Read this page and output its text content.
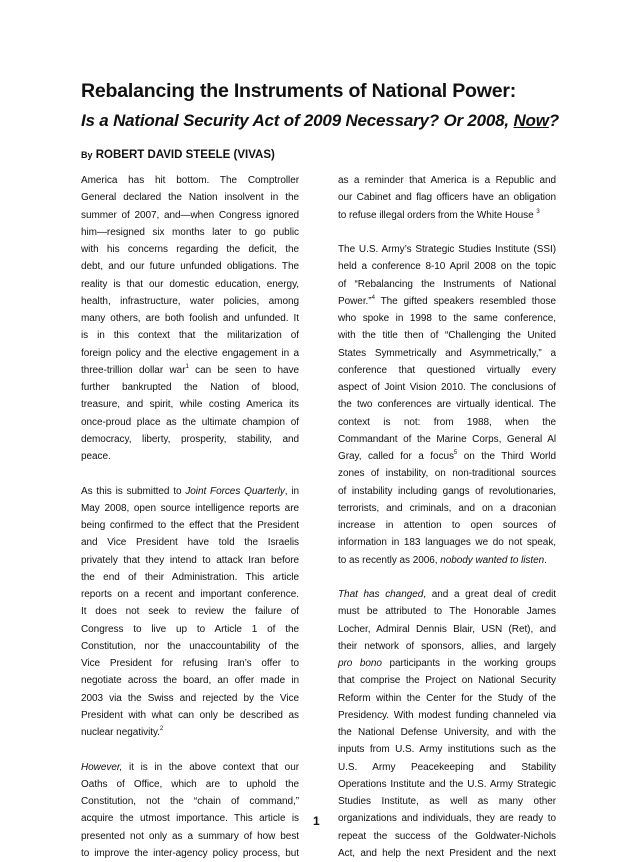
Rebalancing the Instruments of National Power:
Is a National Security Act of 2009 Necessary? Or 2008, Now?
By ROBERT DAVID STEELE (VIVAS)
America has hit bottom. The Comptroller
General declared the Nation insolvent in the
summer of 2007, and—when Congress ignored
him—resigned six months later to go public
with his concerns regarding the deficit, the
debt, and our future unfunded obligations. The
reality is that our domestic education, energy,
health, infrastructure, water policies, among
many others, are both foolish and unfunded. It
is in this context that the militarization of
foreign policy and the elective engagement in a
three-trillion dollar war$^1$ can be seen to have
further bankrupted the Nation of blood,
treasure, and spirit, while costing America its
once-proud place as the ultimate champion of
democracy, liberty, prosperity, stability, and
peace.
As this is submitted to Joint Forces Quarterly, in
May 2008, open source intelligence reports are
being confirmed to the effect that the President
and Vice President have told the Israelis
privately that they intend to attack Iran before
the end of their Administration. This article
reports on a recent and important conference.
It does not seek to review the failure of
Congress to live up to Article 1 of the
Constitution, nor the unaccountability of the
Vice President for refusing Iran’s offer to
negotiate across the board, an offer made in
2003 via the Swiss and rejected by the Vice
President with what can only be described as
nuclear negativity.$^2$
However, it is in the above context that our
Oaths of Office, which are to uphold the
Constitution, not the “chain of command,”
acquire the utmost importance. This article is
presented not only as a summary of how best
to improve the inter-agency policy process, but
as a reminder that America is a Republic and
our Cabinet and flag officers have an obligation
to refuse illegal orders from the White House $^3$
The U.S. Army’s Strategic Studies Institute (SSI)
held a conference 8-10 April 2008 on the topic
of “Rebalancing the Instruments of National
Power.”$^4$ The gifted speakers resembled those
who spoke in 1998 to the same conference,
with the title then of “Challenging the United
States Symmetrically and Asymmetrically,” a
conference that questioned virtually every
aspect of Joint Vision 2010. The conclusions of
the two conferences are virtually identical. The
context is not: from 1988, when the
Commandant of the Marine Corps, General Al
Gray, called for a focus$^5$ on the Third World
zones of instability, on non-traditional sources
of instability including gangs of revolutionaries,
terrorists, and criminals, and on a draconian
increase in attention to open sources of
information in 183 languages we do not speak,
to as recently as 2006, nobody wanted to listen.
That has changed, and a great deal of credit
must be attributed to The Honorable James
Locher, Admiral Dennis Blair, USN (Ret), and
their network of sponsors, allies, and largely
pro bono participants in the working groups
that comprise the Project on National Security
Reform within the Center for the Study of the
Presidency. With modest funding channeled via
the National Defense University, and with the
inputs from U.S. Army institutions such as the
U.S. Army Peacekeeping and Stability
Operations Institute and the U.S. Army Strategic
Studies Institute, as well as many other
organizations and individuals, they are ready to
repeat the success of the Goldwater-Nichols
Act, and help the next President and the next
1
